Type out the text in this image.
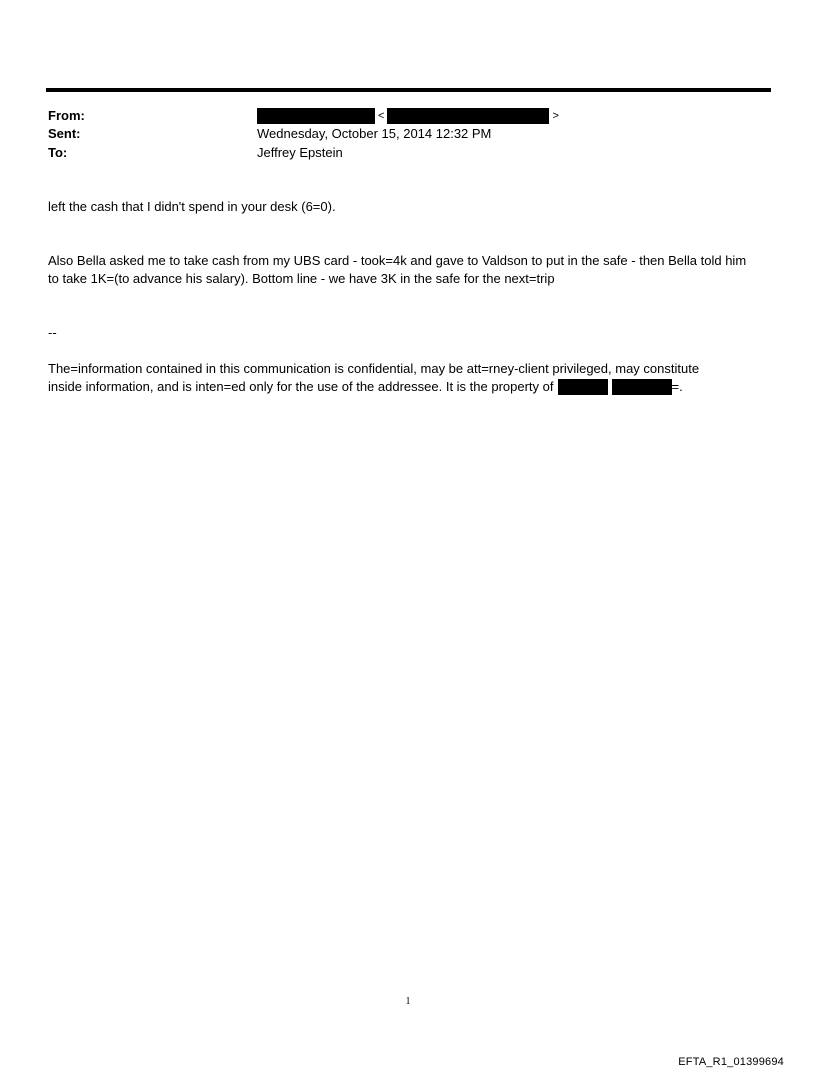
From:	<	>
Sent:	Wednesday, October 15, 2014 12:32 PM
To:	Jeffrey Epstein
left the cash that I didn't spend in your desk (6=0).
Also Bella asked me to take cash from my UBS card - took=4k and gave to Valdson to put in the safe - then Bella told him
to take 1K=(to advance his salary). Bottom line - we have 3K in the safe for the next=trip
--
The=information contained in this communication is confidential, may be att=rney-client privileged, may constitute
inside information, and is inten=ed only for the use of the addressee. It is the property of	=.
1
EFTA_R1_01399694
